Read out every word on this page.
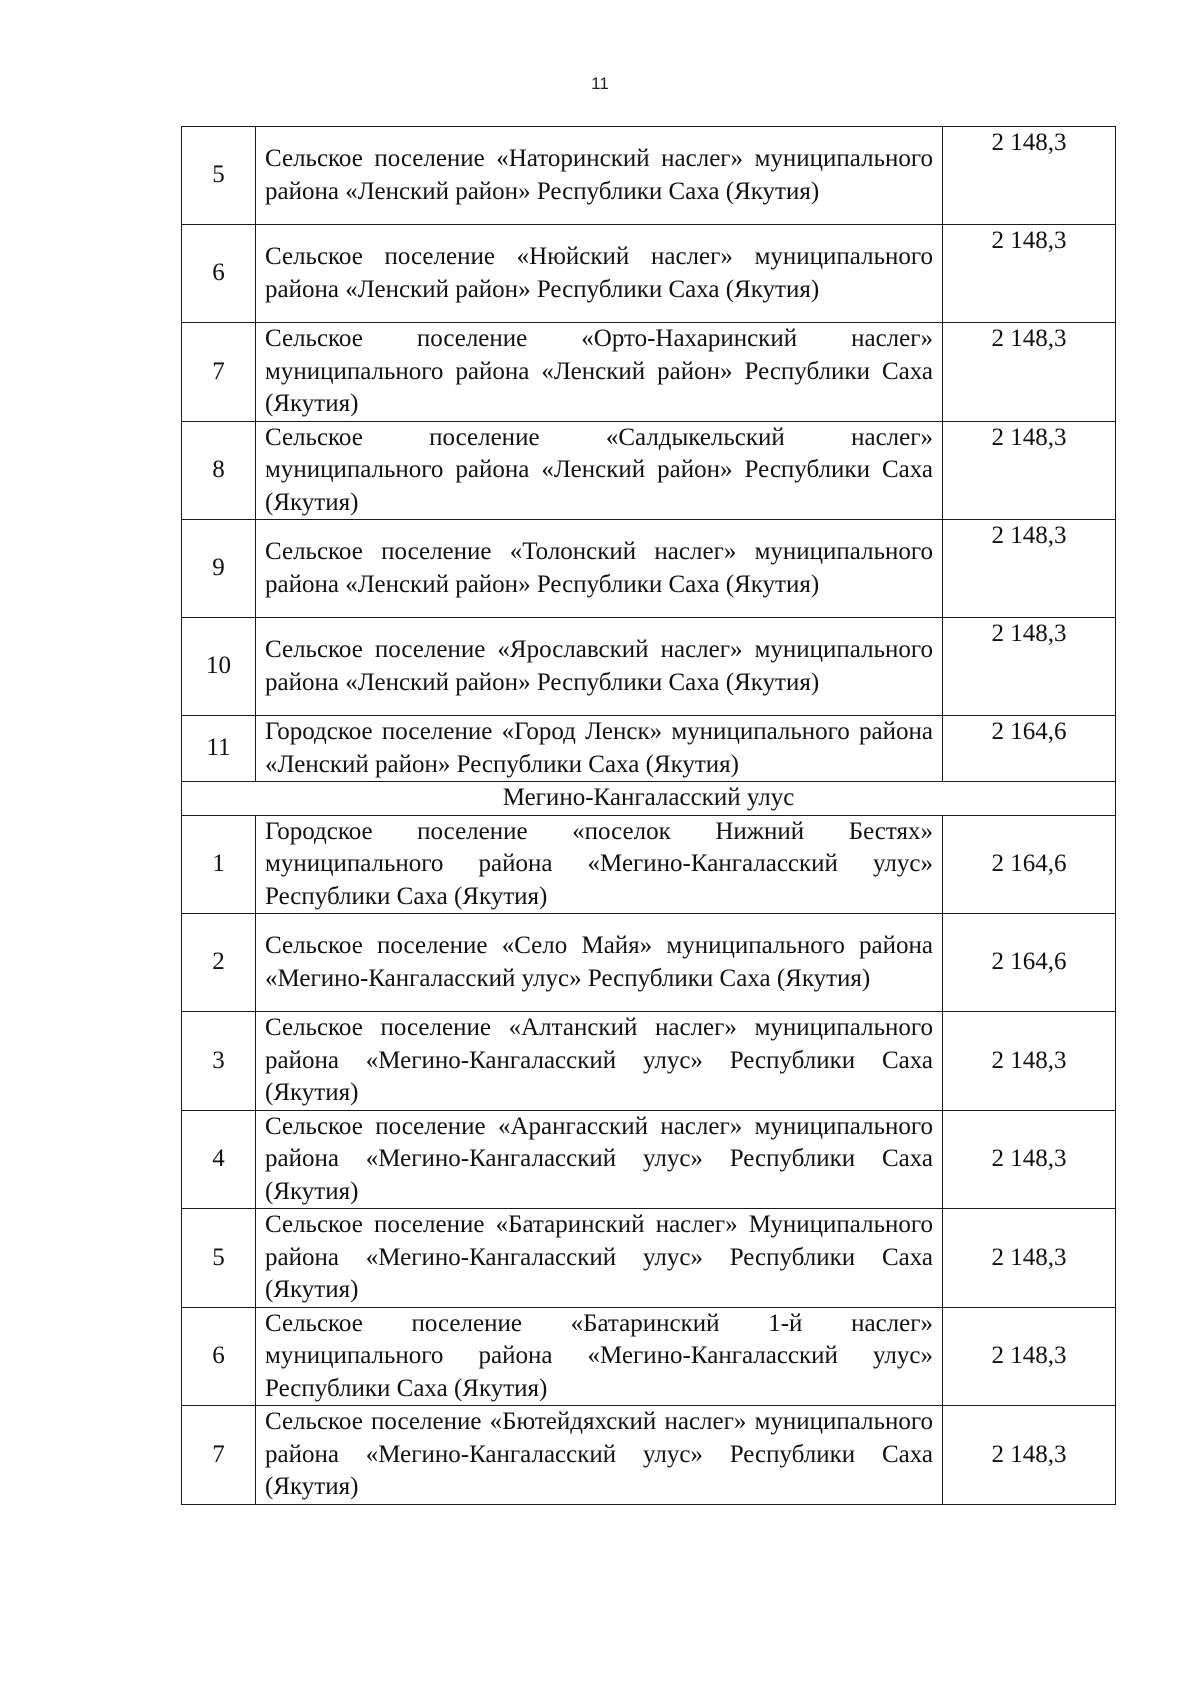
11
5	Сельское поселение «Наторинский наслег» муниципального района «Ленский район» Республики Саха (Якутия)	2 148,3
6	Сельское поселение «Нюйский наслег» муниципального района «Ленский район» Республики Саха (Якутия)	2 148,3
7	Сельское поселение «Орто-Нахаринский наслег» муниципального района «Ленский район» Республики Саха (Якутия)	2 148,3
8	Сельское поселение «Салдыкельский наслег» муниципального района «Ленский район» Республики Саха (Якутия)	2 148,3
9	Сельское поселение «Толонский наслег» муниципального района «Ленский район» Республики Саха (Якутия)	2 148,3
10	Сельское поселение «Ярославский наслег» муниципального района «Ленский район» Республики Саха (Якутия)	2 148,3
11	Городское поселение «Город Ленск» муниципального района «Ленский район» Республики Саха (Якутия)	2 164,6
Мегино-Кангаласский улус		
1	Городское поселение «поселок Нижний Бестях» муниципального района «Мегино-Кангаласский улус» Республики Саха (Якутия)	2 164,6
2	Сельское поселение «Село Майя» муниципального района «Мегино-Кангаласский улус» Республики Саха (Якутия)	2 164,6
3	Сельское поселение «Алтанский наслег» муниципального района «Мегино-Кангаласский улус» Республики Саха (Якутия)	2 148,3
4	Сельское поселение «Арангасский наслег» муниципального района «Мегино-Кангаласский улус» Республики Саха (Якутия)	2 148,3
5	Сельское поселение «Батаринский наслег» Муниципального района «Мегино-Кангаласский улус» Республики Саха (Якутия)	2 148,3
6	Сельское поселение «Батаринский 1-й наслег» муниципального района «Мегино-Кангаласский улус» Республики Саха (Якутия)	2 148,3
7	Сельское поселение «Бютейдяхский наслег» муниципального района «Мегино-Кангаласский улус» Республики Саха (Якутия)	2 148,3
